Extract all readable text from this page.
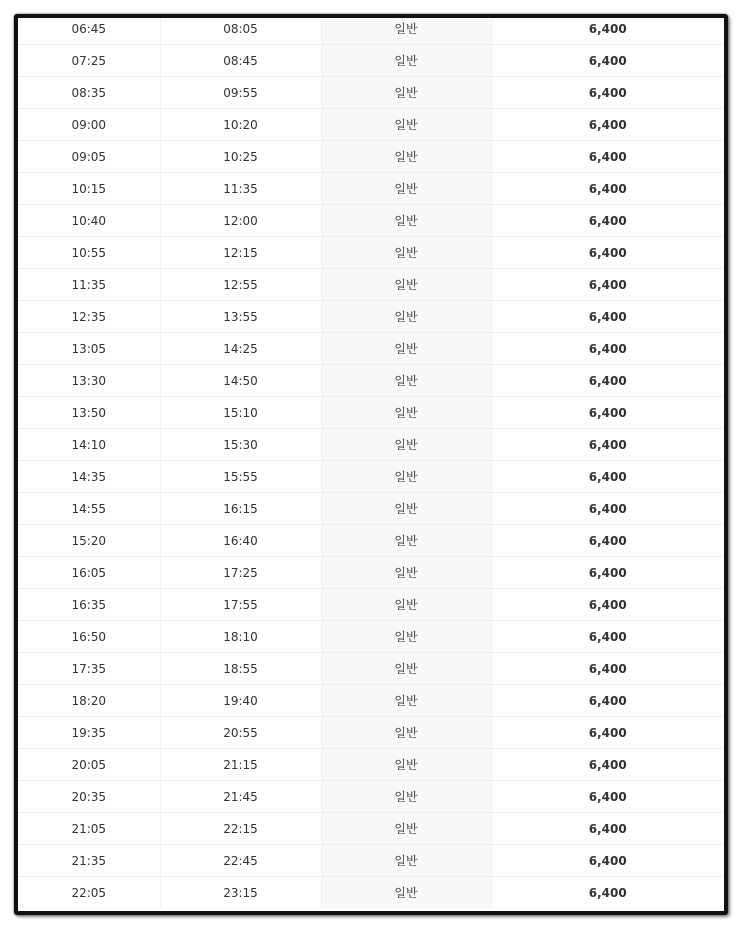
06:45	08:05	일반	6,400
07:25	08:45	일반	6,400
08:35	09:55	일반	6,400
09:00	10:20	일반	6,400
09:05	10:25	일반	6,400
10:15	11:35	일반	6,400
10:40	12:00	일반	6,400
10:55	12:15	일반	6,400
11:35	12:55	일반	6,400
12:35	13:55	일반	6,400
13:05	14:25	일반	6,400
13:30	14:50	일반	6,400
13:50	15:10	일반	6,400
14:10	15:30	일반	6,400
14:35	15:55	일반	6,400
14:55	16:15	일반	6,400
15:20	16:40	일반	6,400
16:05	17:25	일반	6,400
16:35	17:55	일반	6,400
16:50	18:10	일반	6,400
17:35	18:55	일반	6,400
18:20	19:40	일반	6,400
19:35	20:55	일반	6,400
20:05	21:15	일반	6,400
20:35	21:45	일반	6,400
21:05	22:15	일반	6,400
21:35	22:45	일반	6,400
22:05	23:15	일반	6,400
